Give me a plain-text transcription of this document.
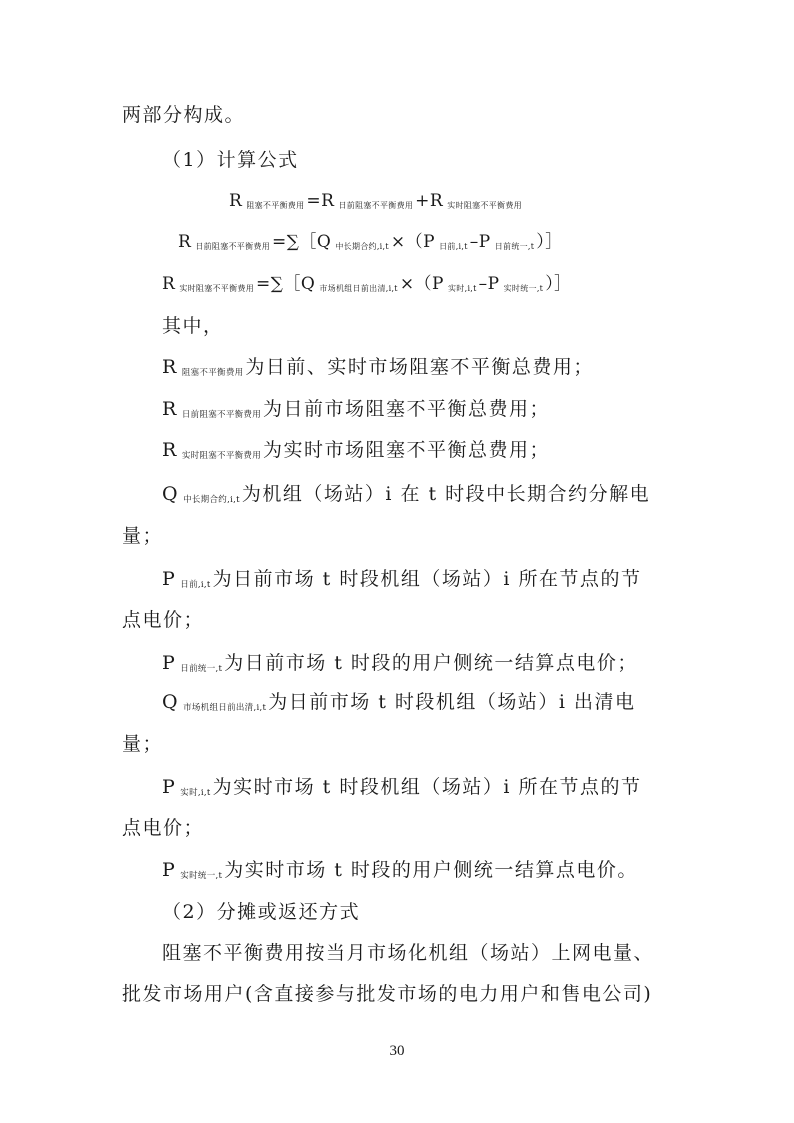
两部分构成。
（1）计算公式
R阻塞不平衡费用 =R 日前阻塞不平衡费用 +R 实时阻塞不平衡费用
R日前阻塞不平衡费用 =∑［Q 中长期合约,i,t ×（P 日前,i,t –P 日前统一,t ）］
R实时阻塞不平衡费用 =∑［Q 市场机组日前出清,i,t ×（P 实时,i,t –P 实时统一,t ）］
其中，
R阻塞不平衡费用 为日前、实时市场阻塞不平衡总费用；
R日前阻塞不平衡费用 为日前市场阻塞不平衡总费用；
R实时阻塞不平衡费用 为实时市场阻塞不平衡总费用；
Q中长期合约,i,t 为机组（场站）i 在 t 时段中长期合约分解电
量；
P日前,i,t 为日前市场 t 时段机组（场站）i 所在节点的节
点电价；
P日前统一,t 为日前市场 t 时段的用户侧统一结算点电价；
Q市场机组日前出清,i,t 为日前市场 t 时段机组（场站）i 出清电
量；
P实时,i,t 为实时市场 t 时段机组（场站）i 所在节点的节
点电价；
P实时统一,t 为实时市场 t 时段的用户侧统一结算点电价。
（2）分摊或返还方式
阻塞不平衡费用按当月市场化机组（场站）上网电量、
批发市场用户(含直接参与批发市场的电力用户和售电公司)
30
